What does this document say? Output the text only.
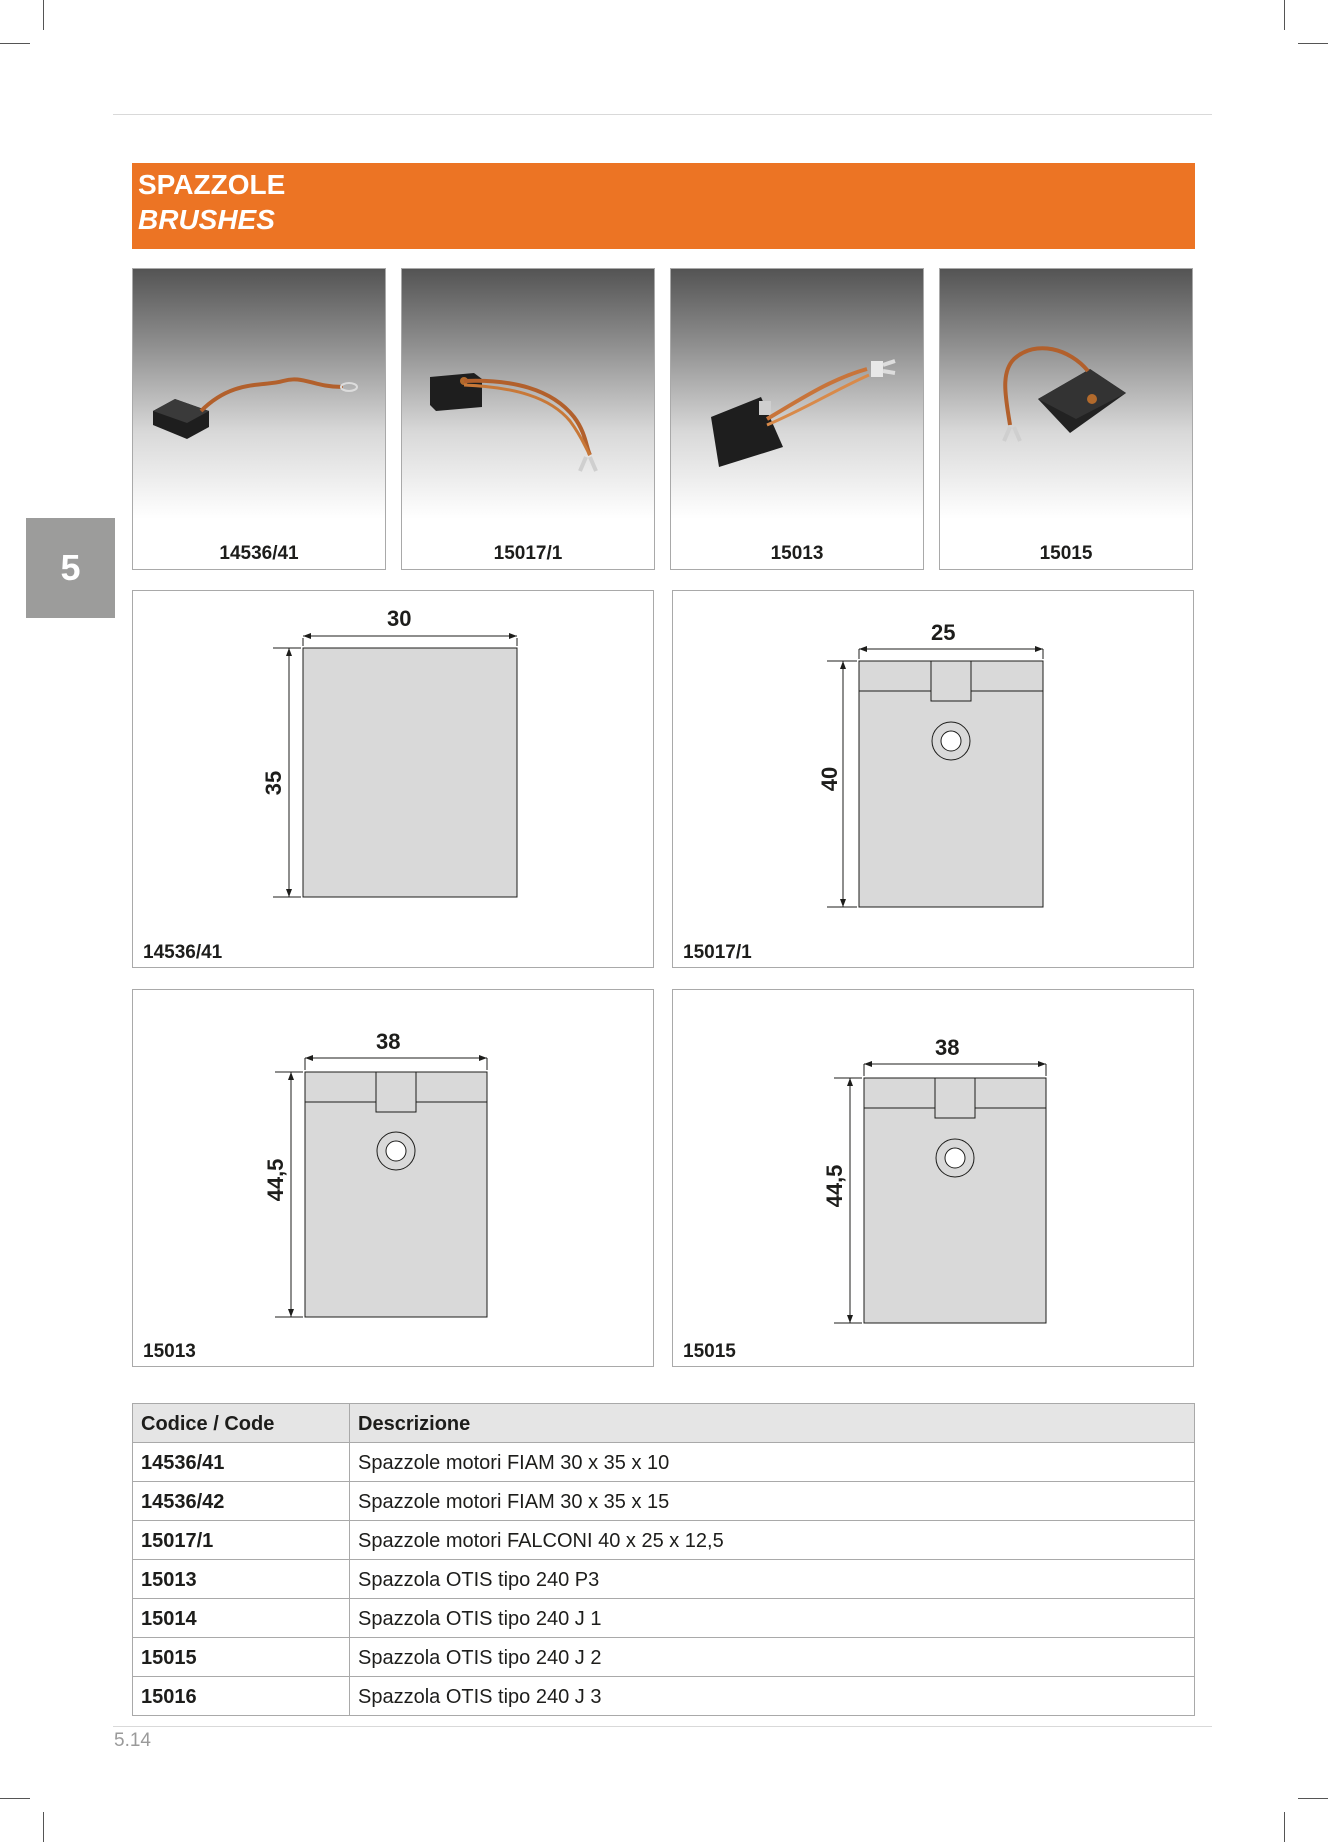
SPAZZOLE
BRUSHES
5	14536/41	15017/1	15013	15015
30
35
14536/41
25
40
15017/1
38
44,5
15013
38
44,5
15015
Codice / Code	Descrizione
14536/41	Spazzole motori FIAM 30 x 35 x 10
14536/42	Spazzole motori FIAM 30 x 35 x 15
15017/1	Spazzole motori FALCONI 40 x 25 x 12,5
15013	Spazzola OTIS tipo 240 P3
15014	Spazzola OTIS tipo 240 J 1
15015	Spazzola OTIS tipo 240 J 2
15016	Spazzola OTIS tipo 240 J 3
5.14
